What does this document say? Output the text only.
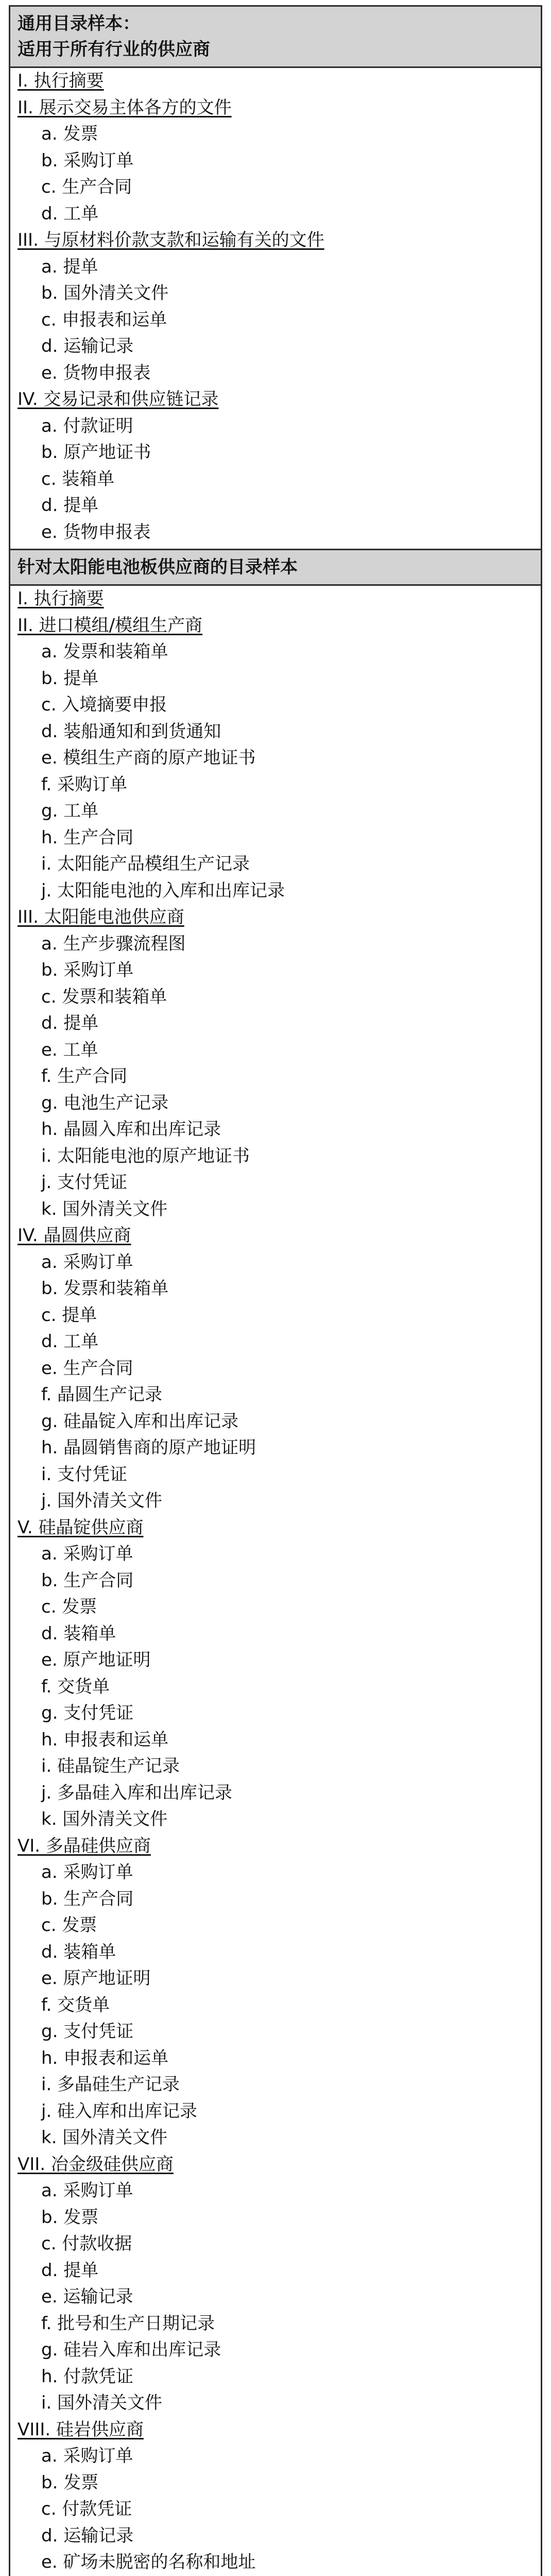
通用目录样本：
适用于所有行业的供应商
I. 执行摘要
II. 展示交易主体各方的文件
a. 发票
b. 采购订单
c. 生产合同
d. 工单
III. 与原材料价款支款和运输有关的文件
a. 提单
b. 国外清关文件
c. 申报表和运单
d. 运输记录
e. 货物申报表
IV. 交易记录和供应链记录
a. 付款证明
b. 原产地证书
c. 装箱单
d. 提单
e. 货物申报表
针对太阳能电池板供应商的目录样本
I. 执行摘要
II. 进口模组/模组生产商
a. 发票和装箱单
b. 提单
c. 入境摘要申报
d. 装船通知和到货通知
e. 模组生产商的原产地证书
f. 采购订单
g. 工单
h. 生产合同
i. 太阳能产品模组生产记录
j. 太阳能电池的入库和出库记录
III. 太阳能电池供应商
a. 生产步骤流程图
b. 采购订单
c. 发票和装箱单
d. 提单
e. 工单
f. 生产合同
g. 电池生产记录
h. 晶圆入库和出库记录
i. 太阳能电池的原产地证书
j. 支付凭证
k. 国外清关文件
IV. 晶圆供应商
a. 采购订单
b. 发票和装箱单
c. 提单
d. 工单
e. 生产合同
f. 晶圆生产记录
g. 硅晶锭入库和出库记录
h. 晶圆销售商的原产地证明
i. 支付凭证
j. 国外清关文件
V. 硅晶锭供应商
a. 采购订单
b. 生产合同
c. 发票
d. 装箱单
e. 原产地证明
f. 交货单
g. 支付凭证
h. 申报表和运单
i. 硅晶锭生产记录
j. 多晶硅入库和出库记录
k. 国外清关文件
VI. 多晶硅供应商
a. 采购订单
b. 生产合同
c. 发票
d. 装箱单
e. 原产地证明
f. 交货单
g. 支付凭证
h. 申报表和运单
i. 多晶硅生产记录
j. 硅入库和出库记录
k. 国外清关文件
VII. 冶金级硅供应商
a. 采购订单
b. 发票
c. 付款收据
d. 提单
e. 运输记录
f. 批号和生产日期记录
g. 硅岩入库和出库记录
h. 付款凭证
i. 国外清关文件
VIII. 硅岩供应商
a. 采购订单
b. 发票
c. 付款凭证
d. 运输记录
e. 矿场未脱密的名称和地址
